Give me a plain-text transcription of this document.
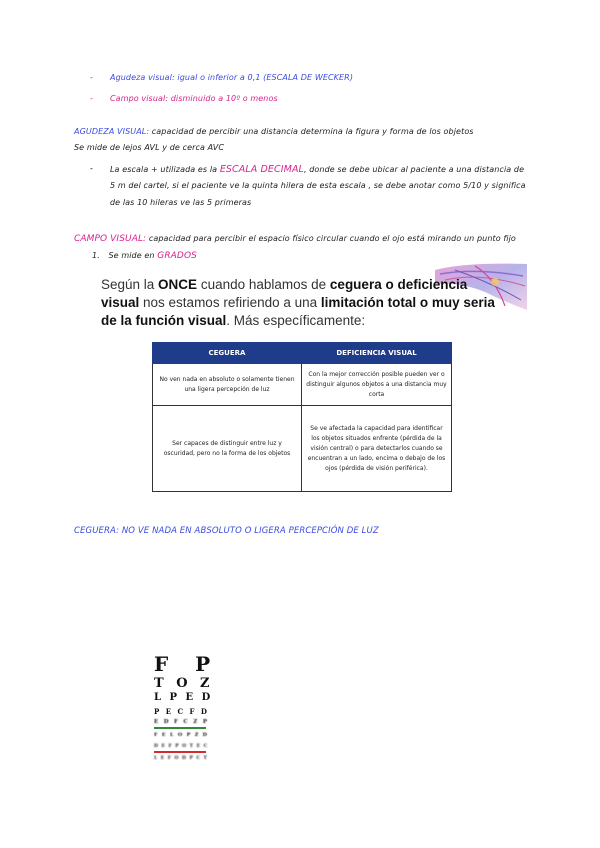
- Agudeza visual: igual o inferior a 0,1 (ESCALA DE WECKER)
- Campo visual: disminuido a 10º o menos
AGUDEZA VISUAL: capacidad de percibir una distancia determina la figura y forma de los objetos
Se mide de lejos AVL y de cerca AVC
- La escala + utilizada es la ESCALA DECIMAL, donde se debe ubicar al paciente a una distancia de
5 m del cartel, si el paciente ve la quinta hilera de esta escala , se debe anotar como 5/10 y significa
de las 10 hileras ve las 5 primeras
CAMPO VISUAL: capacidad para percibir el espacio físico circular cuando el ojo está mirando un punto fijo
1. Se mide en GRADOS
Según la ONCE cuando hablamos de ceguera o deficiencia visual nos estamos refiriendo a una limitación total o muy seria de la función visual. Más específicamente:
CEGUERA	DEFICIENCIA VISUAL
No ven nada en absoluto o solamente tienen una ligera percepción de luz	Con la mejor corrección posible pueden ver o distinguir algunos objetos a una distancia muy corta
Ser capaces de distinguir entre luz y oscuridad, pero no la forma de los objetos	Se ve afectada la capacidad para identificar los objetos situados enfrente (pérdida de la visión central) o para detectarlos cuando se encuentran a un lado, encima o debajo de los ojos (pérdida de visión periférica).
CEGUERA: NO VE NADA EN ABSOLUTO O LIGERA PERCEPCIÓN DE LUZ
F P
T O Z
L P E D
P E C F D
E D F C Z P
F E L O P Z D
D E F P O T E C
L E F O D P C T
